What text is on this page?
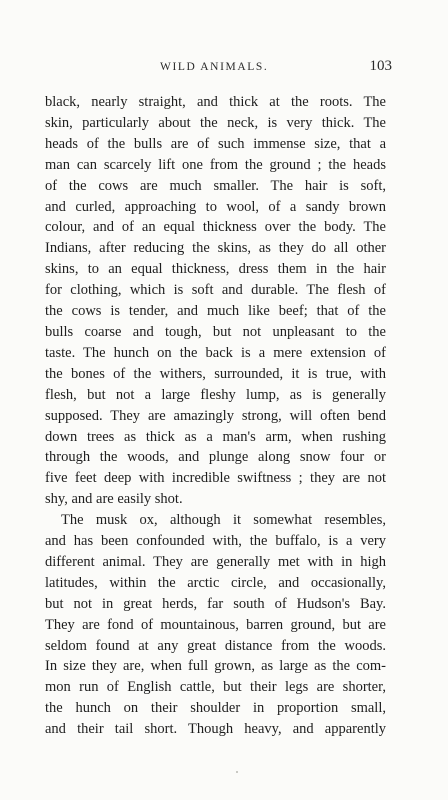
WILD ANIMALS.	103
black, nearly straight, and thick at the roots. The
skin, particularly about the neck, is very thick. The
heads of the bulls are of such immense size, that a
man can scarcely lift one from the ground ; the heads
of the cows are much smaller. The hair is soft,
and curled, approaching to wool, of a sandy brown
colour, and of an equal thickness over the body. The
Indians, after reducing the skins, as they do all other
skins, to an equal thickness, dress them in the hair
for clothing, which is soft and durable. The flesh of
the cows is tender, and much like beef; that of the
bulls coarse and tough, but not unpleasant to the
taste. The hunch on the back is a mere extension of
the bones of the withers, surrounded, it is true, with
flesh, but not a large fleshy lump, as is generally
supposed. They are amazingly strong, will often bend
down trees as thick as a man's arm, when rushing
through the woods, and plunge along snow four or
five feet deep with incredible swiftness ; they are not
shy, and are easily shot.
The musk ox, although it somewhat resembles,
and has been confounded with, the buffalo, is a very
different animal. They are generally met with in high
latitudes, within the arctic circle, and occasionally,
but not in great herds, far south of Hudson's Bay.
They are fond of mountainous, barren ground, but are
seldom found at any great distance from the woods.
In size they are, when full grown, as large as the com-
mon run of English cattle, but their legs are shorter,
the hunch on their shoulder in proportion small,
and their tail short. Though heavy, and apparently
